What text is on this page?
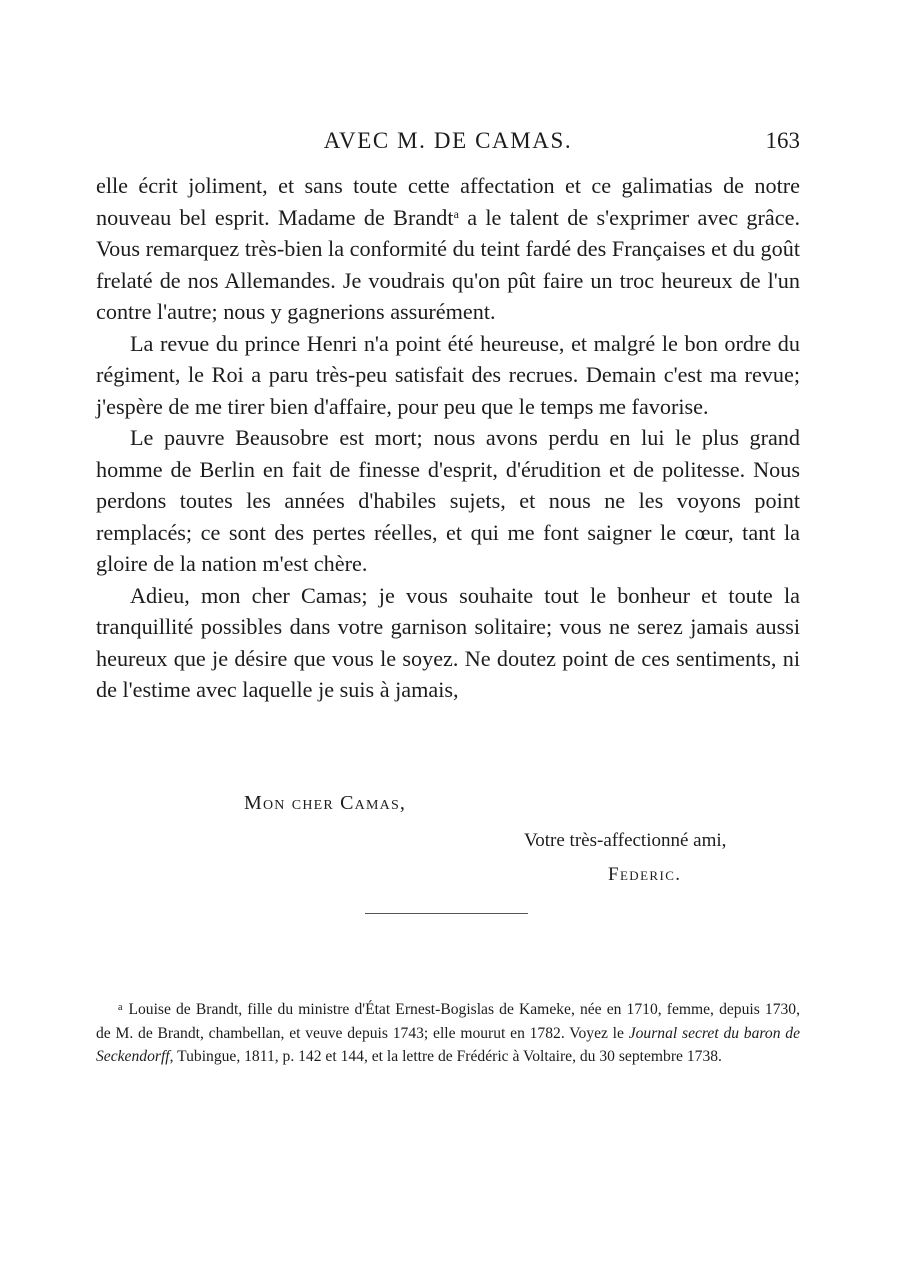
AVEC M. DE CAMAS.	163

elle écrit joliment, et sans toute cette affectation et ce galimatias de notre nouveau bel esprit. Madame de Brandt$^a$ a le talent de s'exprimer avec grâce. Vous remarquez très-bien la conformité du teint fardé des Françaises et du goût frelaté de nos Allemandes. Je voudrais qu'on pût faire un troc heureux de l'un contre l'autre; nous y gagnerions assurément.

La revue du prince Henri n'a point été heureuse, et malgré le bon ordre du régiment, le Roi a paru très-peu satisfait des recrues. Demain c'est ma revue; j'espère de me tirer bien d'affaire, pour peu que le temps me favorise.

Le pauvre Beausobre est mort; nous avons perdu en lui le plus grand homme de Berlin en fait de finesse d'esprit, d'érudition et de politesse. Nous perdons toutes les années d'habiles sujets, et nous ne les voyons point remplacés; ce sont des pertes réelles, et qui me font saigner le cœur, tant la gloire de la nation m'est chère.

Adieu, mon cher Camas; je vous souhaite tout le bonheur et toute la tranquillité possibles dans votre garnison solitaire; vous ne serez jamais aussi heureux que je désire que vous le soyez. Ne doutez point de ces sentiments, ni de l'estime avec laquelle je suis à jamais,

Mon cher Camas,
Votre très-affectionné ami,
Federic.
$^a$ Louise de Brandt, fille du ministre d'État Ernest-Bogislas de Kameke, née en 1710, femme, depuis 1730, de M. de Brandt, chambellan, et veuve depuis 1743; elle mourut en 1782. Voyez le Journal secret du baron de Seckendorff, Tubingue, 1811, p. 142 et 144, et la lettre de Frédéric à Voltaire, du 30 septembre 1738.
